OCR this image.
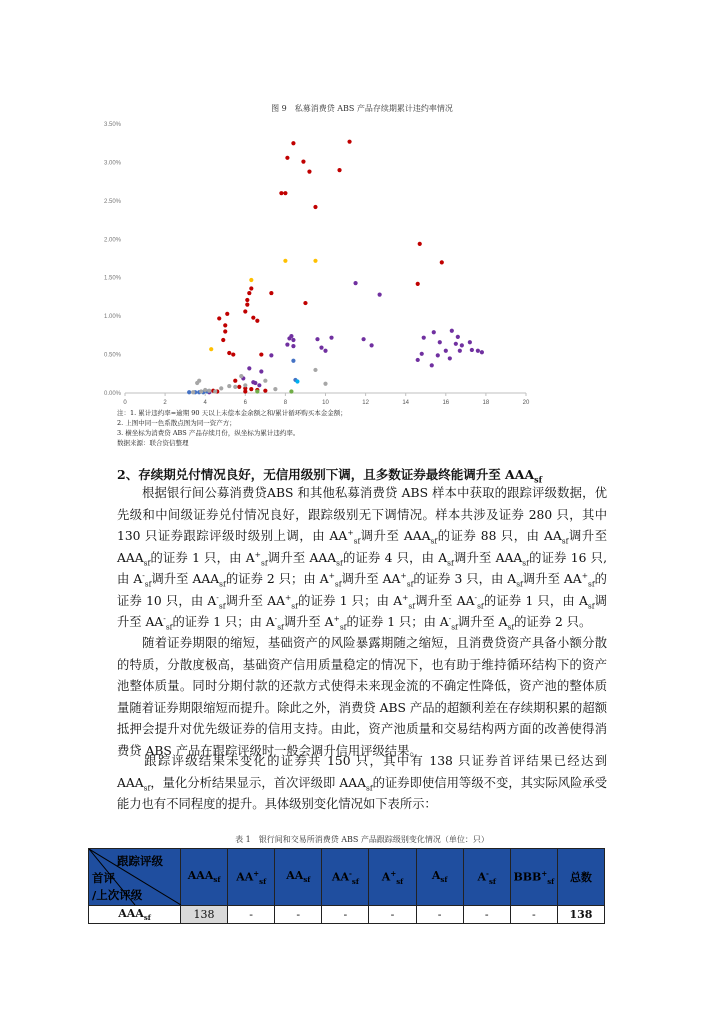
图 9　私募消费贷 ABS 产品存续期累计违约率情况
0.00%
0.50%
1.00%
1.50%
2.00%
2.50%
3.00%
3.50%
0	2	4	6	8	10	12	14	16	18	20
注：1. 累计违约率=逾期 90 天以上未偿本金余额之和/累计循环购买本金金额；
2. 上图中同一色系散点图为同一资产方；
3. 横坐标为消费贷 ABS 产品存续月份，纵坐标为累计违约率。
数据来源：联合资信整理
2、存续期兑付情况良好，无信用级别下调，且多数证券最终能调升至 $AAA_{sf}$
　　根据银行间公募消费贷ABS 和其他私募消费贷 ABS 样本中获取的跟踪评级数据，优先级和中间级证券兑付情况良好，跟踪级别无下调情况。样本共涉及证券 280 只，其中 130 只证券跟踪评级时级别上调，由 $AA^+_{sf}$调升至 $AAA_{sf}$的证券 88 只，由 $AA_{sf}$调升至 $AAA_{sf}$的证券 1 只，由 $A^+_{sf}$调升至 $AAA_{sf}$的证券 4 只，由 $A_{sf}$调升至 $AAA_{sf}$的证券 16 只,由 $A^-_{sf}$调升至 $AAA_{sf}$的证券 2 只；由 $A^+_{sf}$调升至 $AA^+_{sf}$的证券 3 只，由 $A_{sf}$调升至 $AA^+_{sf}$的证券 10 只，由 $A^-_{sf}$调升至 $AA^+_{sf}$的证券 1 只；由 $A^+_{sf}$调升至 $AA^-_{sf}$的证券 1 只，由 $A_{sf}$调升至 $AA^-_{sf}$的证券 1 只；由 $A^-_{sf}$调升至 $A^+_{sf}$的证券 1 只；由 $A^-_{sf}$调升至 $A_{sf}$的证券 2 只。
　　随着证券期限的缩短，基础资产的风险暴露期随之缩短，且消费贷资产具备小额分散的特质，分散度极高，基础资产信用质量稳定的情况下，也有助于维持循环结构下的资产池整体质量。同时分期付款的还款方式使得未来现金流的不确定性降低，资产池的整体质量随着证券期限缩短而提升。除此之外，消费贷 ABS 产品的超额利差在存续期积累的超额抵押会提升对优先级证券的信用支持。由此，资产池质量和交易结构两方面的改善使得消费贷 ABS 产品在跟踪评级时一般会调升信用评级结果。
　　跟踪评级结果未变化的证券共 150 只，其中有 138 只证券首评结果已经达到 $AAA_{sf}$，量化分析结果显示，首次评级即 $AAA_{sf}$的证券即使信用等级不变，其实际风险承受能力也有不同程度的提升。具体级别变化情况如下表所示：
表 1　银行间和交易所消费贷 ABS 产品跟踪级别变化情况（单位：只）
跟踪评级
首评
/上次评级	$AAA_{sf}$	$AA^+_{sf}$	$AA_{sf}$	$AA^-_{sf}$	$A^+_{sf}$	$A_{sf}$	$A^-_{sf}$	$BBB^+_{sf}$	总数
$AAA_{sf}$	138	-	-	-	-	-	-	-	138
